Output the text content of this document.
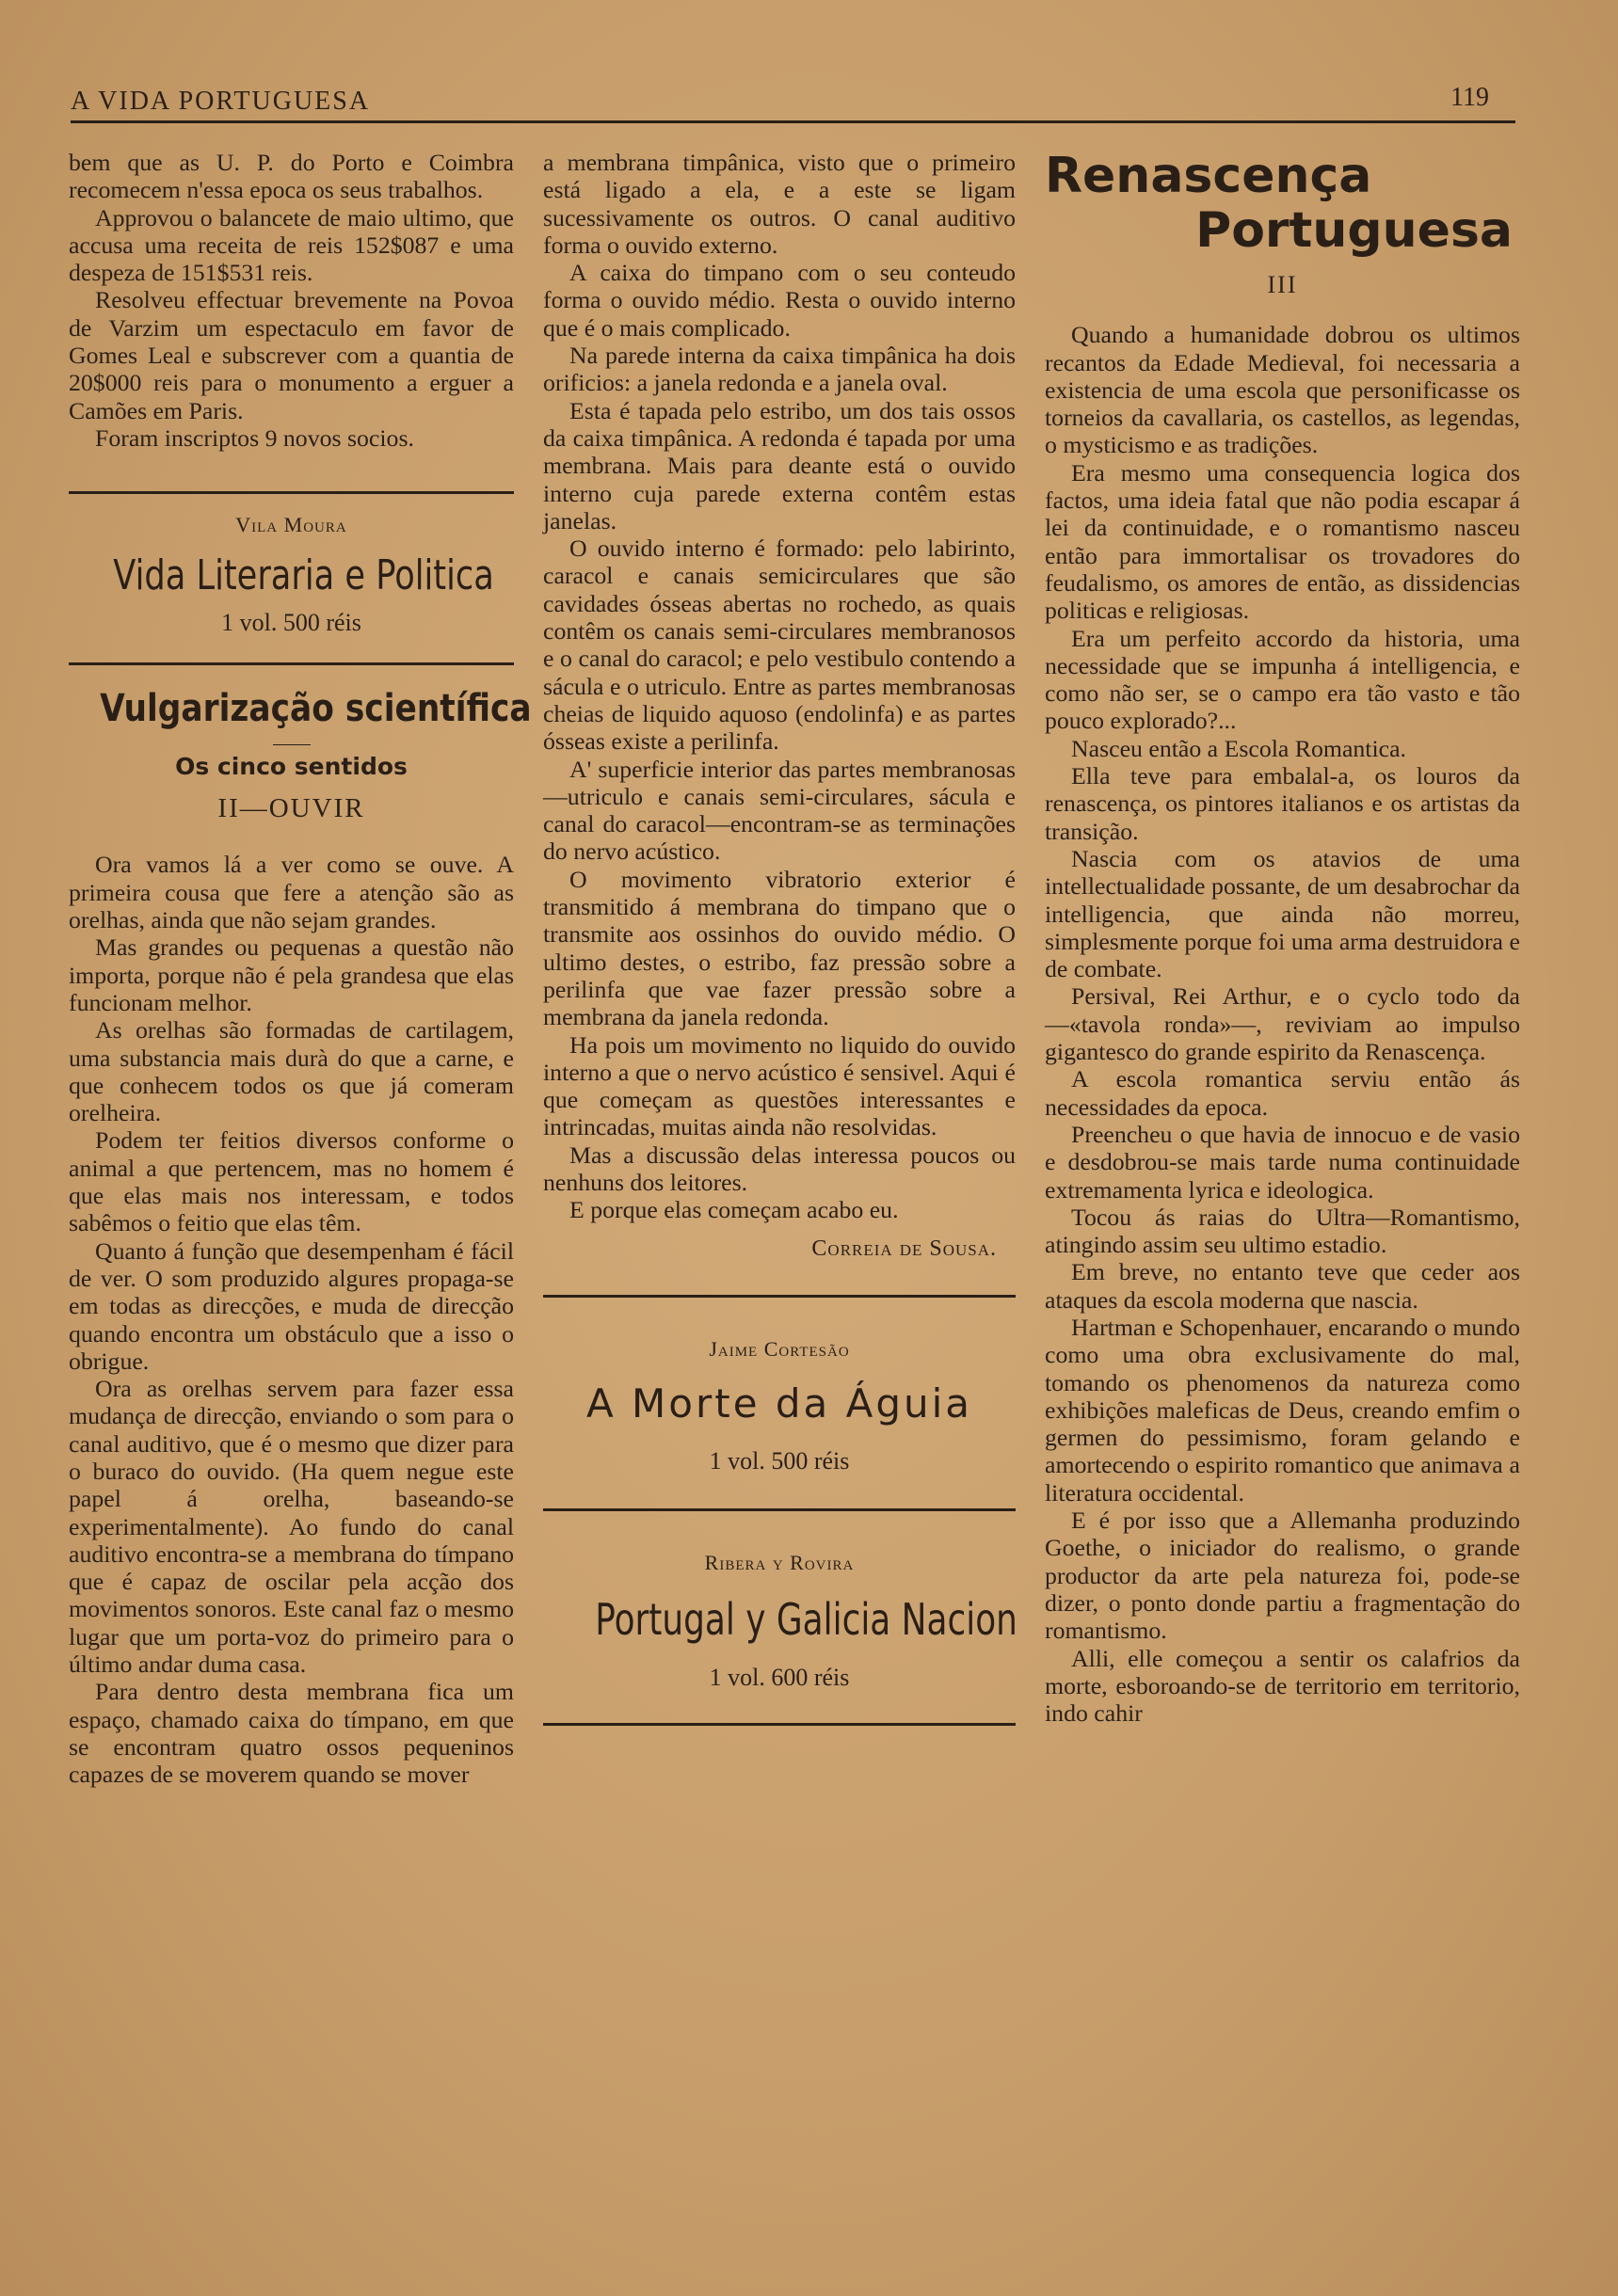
A VIDA PORTUGUESA	119

bem que as U. P. do Porto e Coimbra recomecem n'essa epoca os seus trabalhos.

Approvou o balancete de maio ultimo, que accusa uma receita de reis 152$087 e uma despeza de 151$531 reis.

Resolveu effectuar brevemente na Povoa de Varzim um espectaculo em favor de Gomes Leal e subscrever com a quantia de 20$000 reis para o monumento a erguer a Camões em Paris.

Foram inscriptos 9 novos socios.

Vila Moura
Vida Literaria e Politica
1 vol. 500 réis
Vulgarização scientífica
Os cinco sentidos
II—OUVIR

Ora vamos lá a ver como se ouve. A primeira cousa que fere a atenção são as orelhas, ainda que não sejam grandes.

Mas grandes ou pequenas a questão não importa, porque não é pela grandesa que elas funcionam melhor.

As orelhas são formadas de cartilagem, uma substancia mais durà do que a carne, e que conhecem todos os que já comeram orelheira.

Podem ter feitios diversos conforme o animal a que pertencem, mas no homem é que elas mais nos interessam, e todos sabêmos o feitio que elas têm.

Quanto á função que desempenham é fácil de ver. O som produzido algures propaga-se em todas as direcções, e muda de direcção quando encontra um obstáculo que a isso o obrigue.

Ora as orelhas servem para fazer essa mudança de direcção, enviando o som para o canal auditivo, que é o mesmo que dizer para o buraco do ouvido. (Ha quem negue este papel á orelha, baseando-se experimentalmente). Ao fundo do canal auditivo encontra-se a membrana do tímpano que é capaz de oscilar pela acção dos movimentos sonoros. Este canal faz o mesmo lugar que um porta-voz do primeiro para o último andar duma casa.

Para dentro desta membrana fica um espaço, chamado caixa do tímpano, em que se encontram quatro ossos pequeninos capazes de se moverem quando se mover

a membrana timpânica, visto que o primeiro está ligado a ela, e a este se ligam sucessivamente os outros. O canal auditivo forma o ouvido externo.

A caixa do timpano com o seu conteudo forma o ouvido médio. Resta o ouvido interno que é o mais complicado.

Na parede interna da caixa timpânica ha dois orificios: a janela redonda e a janela oval.

Esta é tapada pelo estribo, um dos tais ossos da caixa timpânica. A redonda é tapada por uma membrana. Mais para deante está o ouvido interno cuja parede externa contêm estas janelas.

O ouvido interno é formado: pelo labirinto, caracol e canais semicirculares que são cavidades ósseas abertas no rochedo, as quais contêm os canais semi-circulares membranosos e o canal do caracol; e pelo vestibulo contendo a sácula e o utriculo. Entre as partes membranosas cheias de liquido aquoso (endolinfa) e as partes ósseas existe a perilinfa.

A' superficie interior das partes membranosas—utriculo e canais semi-circulares, sácula e canal do caracol—encontram-se as terminações do nervo acústico.

O movimento vibratorio exterior é transmitido á membrana do timpano que o transmite aos ossinhos do ouvido médio. O ultimo destes, o estribo, faz pressão sobre a perilinfa que vae fazer pressão sobre a membrana da janela redonda.

Ha pois um movimento no liquido do ouvido interno a que o nervo acústico é sensivel. Aqui é que começam as questões interessantes e intrincadas, muitas ainda não resolvidas.

Mas a discussão delas interessa poucos ou nenhuns dos leitores.

E porque elas começam acabo eu.

Correia de Sousa.
Jaime Cortesão
A Morte da Águia
1 vol. 500 réis
Ribera y Rovira
Portugal y Galicia Nacion
1 vol. 600 réis
Renascença
Portuguesa
III

Quando a humanidade dobrou os ultimos recantos da Edade Medieval, foi necessaria a existencia de uma escola que personificasse os torneios da cavallaria, os castellos, as legendas, o mysticismo e as tradições.

Era mesmo uma consequencia logica dos factos, uma ideia fatal que não podia escapar á lei da continuidade, e o romantismo nasceu então para immortalisar os trovadores do feudalismo, os amores de então, as dissidencias politicas e religiosas.

Era um perfeito accordo da historia, uma necessidade que se impunha á intelligencia, e como não ser, se o campo era tão vasto e tão pouco explorado?...

Nasceu então a Escola Romantica.

Ella teve para embalal-a, os louros da renascença, os pintores italianos e os artistas da transição.

Nascia com os atavios de uma intellectualidade possante, de um desabrochar da intelligencia, que ainda não morreu, simplesmente porque foi uma arma destruidora e de combate.

Persival, Rei Arthur, e o cyclo todo da—«tavola ronda»—, reviviam ao impulso gigantesco do grande espirito da Renascença.

A escola romantica serviu então ás necessidades da epoca.

Preencheu o que havia de innocuo e de vasio e desdobrou-se mais tarde numa continuidade extremamenta lyrica e ideologica.

Tocou ás raias do Ultra—Romantismo, atingindo assim seu ultimo estadio.

Em breve, no entanto teve que ceder aos ataques da escola moderna que nascia.

Hartman e Schopenhauer, encarando o mundo como uma obra exclusivamente do mal, tomando os phenomenos da natureza como exhibições maleficas de Deus, creando emfim o germen do pessimismo, foram gelando e amortecendo o espirito romantico que animava a literatura occidental.

E é por isso que a Allemanha produzindo Goethe, o iniciador do realismo, o grande productor da arte pela natureza foi, pode-se dizer, o ponto donde partiu a fragmentação do romantismo.

Alli, elle começou a sentir os calafrios da morte, esboroando-se de territorio em territorio, indo cahir
